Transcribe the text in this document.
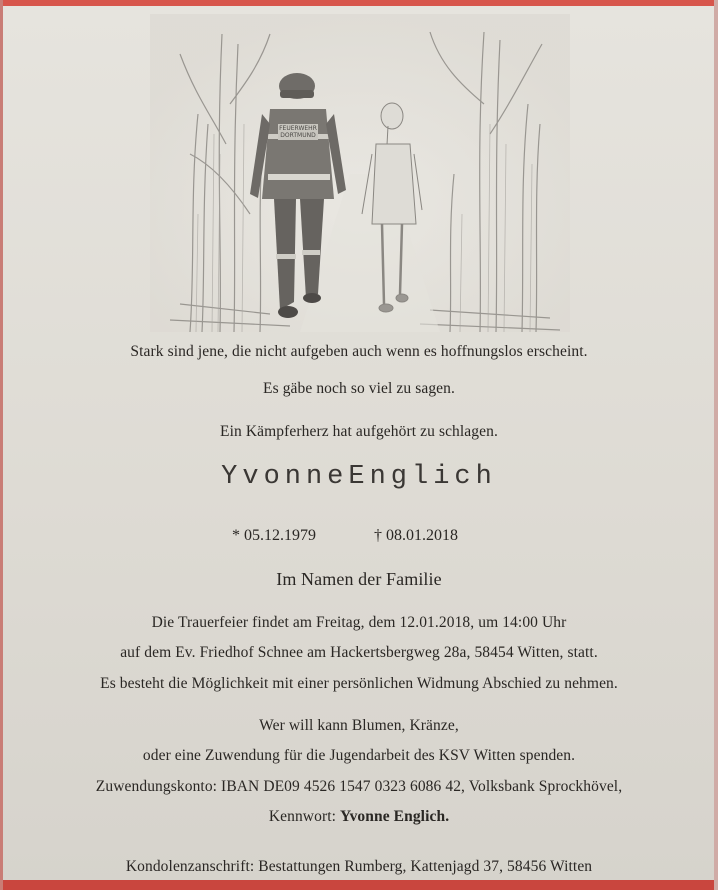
FEUERWEHR
DORTMUND
Stark sind jene, die nicht aufgeben auch wenn es hoffnungslos erscheint.
Es gäbe noch so viel zu sagen.
Ein Kämpferherz hat aufgehört zu schlagen.
YvonneEnglich
* 05.12.1979	† 08.01.2018
Im Namen der Familie
Die Trauerfeier findet am Freitag, dem 12.01.2018, um 14:00 Uhr
auf dem Ev. Friedhof Schnee am Hackertsbergweg 28a, 58454 Witten, statt.
Es besteht die Möglichkeit mit einer persönlichen Widmung Abschied zu nehmen.
Wer will kann Blumen, Kränze,
oder eine Zuwendung für die Jugendarbeit des KSV Witten spenden.
Zuwendungskonto: IBAN DE09 4526 1547 0323 6086 42, Volksbank Sprockhövel,
Kennwort: Yvonne Englich.
Kondolenzanschrift: Bestattungen Rumberg, Kattenjagd 37, 58456 Witten
